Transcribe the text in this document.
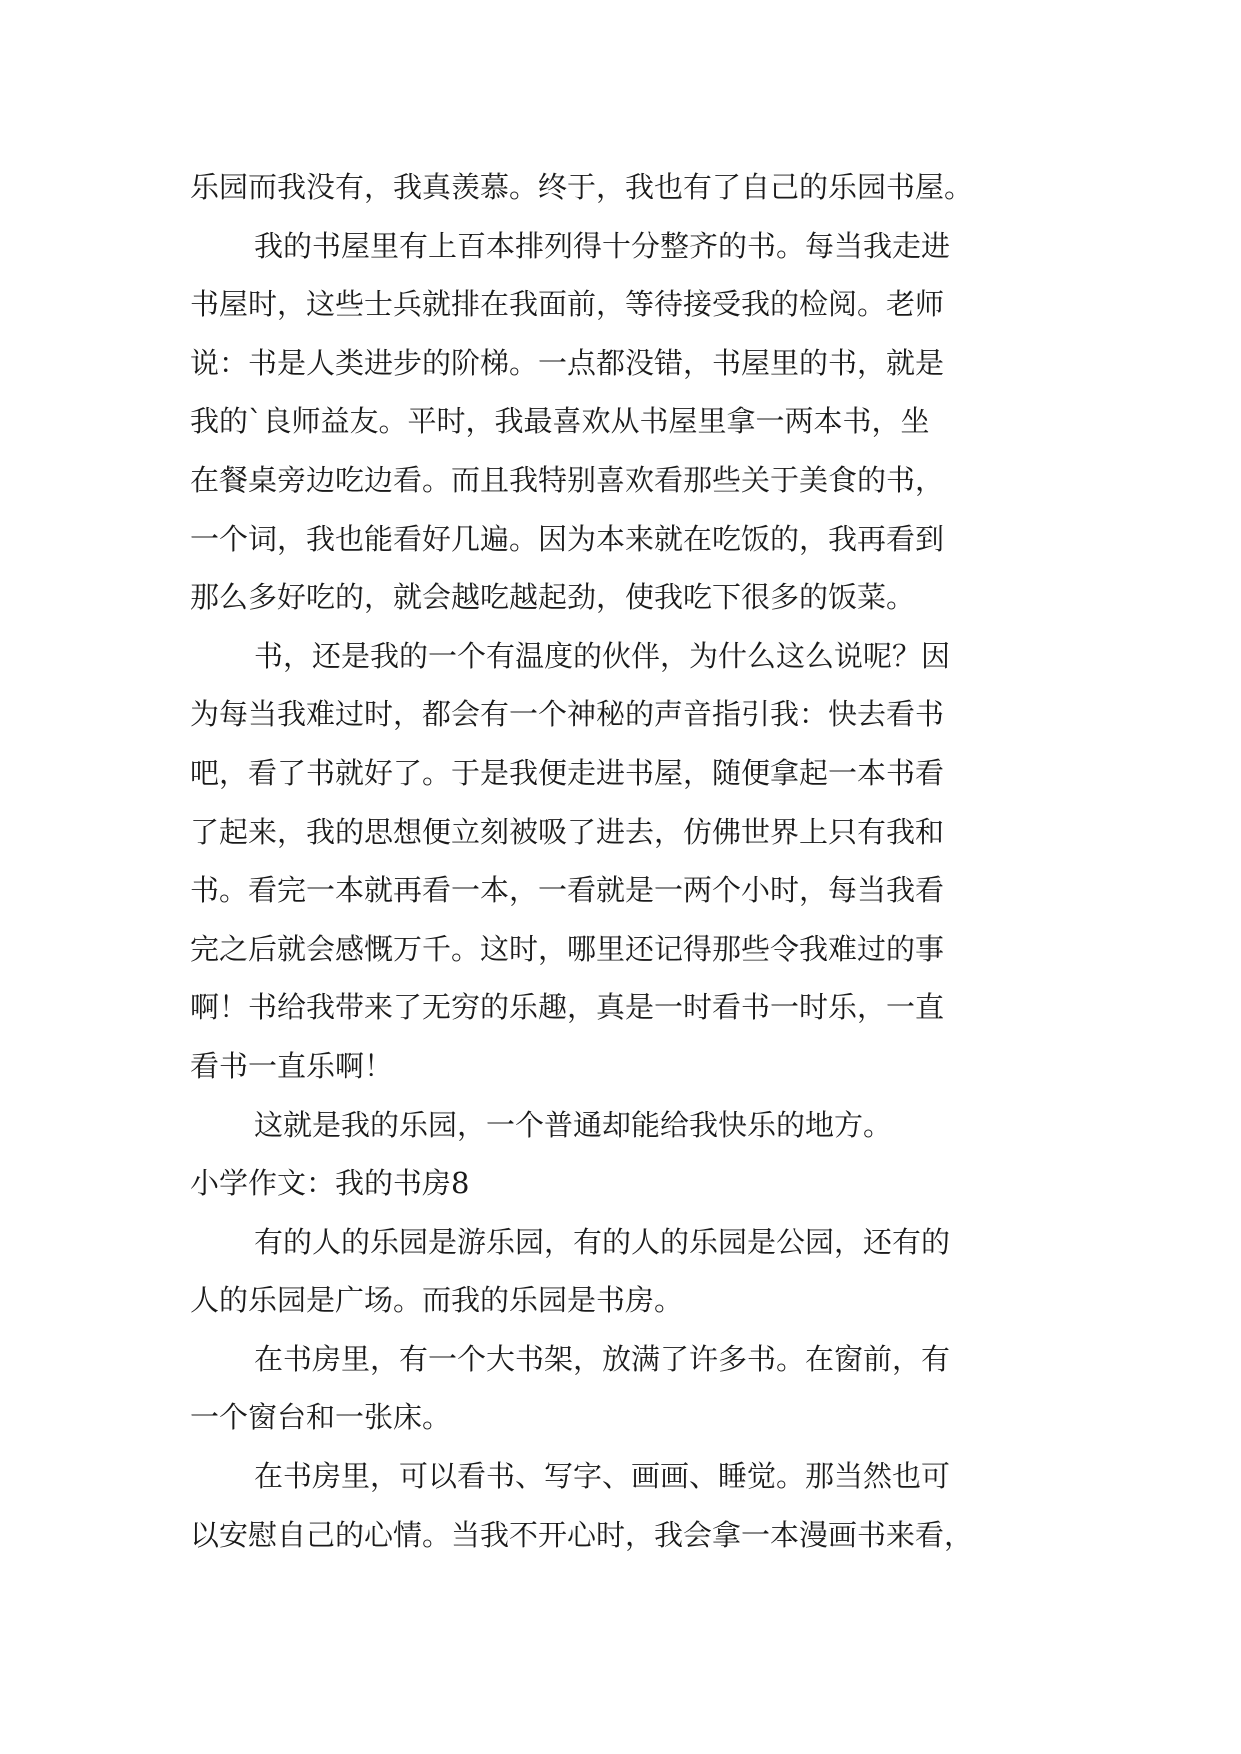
乐园而我没有，我真羡慕。终于，我也有了自己的乐园书屋。
我的书屋里有上百本排列得十分整齐的书。每当我走进
书屋时，这些士兵就排在我面前，等待接受我的检阅。老师
说：书是人类进步的阶梯。一点都没错，书屋里的书，就是
我的`良师益友。平时，我最喜欢从书屋里拿一两本书，坐
在餐桌旁边吃边看。而且我特别喜欢看那些关于美食的书，
一个词，我也能看好几遍。因为本来就在吃饭的，我再看到
那么多好吃的，就会越吃越起劲，使我吃下很多的饭菜。
书，还是我的一个有温度的伙伴，为什么这么说呢？因
为每当我难过时，都会有一个神秘的声音指引我：快去看书
吧，看了书就好了。于是我便走进书屋，随便拿起一本书看
了起来，我的思想便立刻被吸了进去，仿佛世界上只有我和
书。看完一本就再看一本，一看就是一两个小时，每当我看
完之后就会感慨万千。这时，哪里还记得那些令我难过的事
啊！书给我带来了无穷的乐趣，真是一时看书一时乐，一直
看书一直乐啊！
这就是我的乐园，一个普通却能给我快乐的地方。
小学作文：我的书房8
有的人的乐园是游乐园，有的人的乐园是公园，还有的
人的乐园是广场。而我的乐园是书房。
在书房里，有一个大书架，放满了许多书。在窗前，有
一个窗台和一张床。
在书房里，可以看书、写字、画画、睡觉。那当然也可
以安慰自己的心情。当我不开心时，我会拿一本漫画书来看，
